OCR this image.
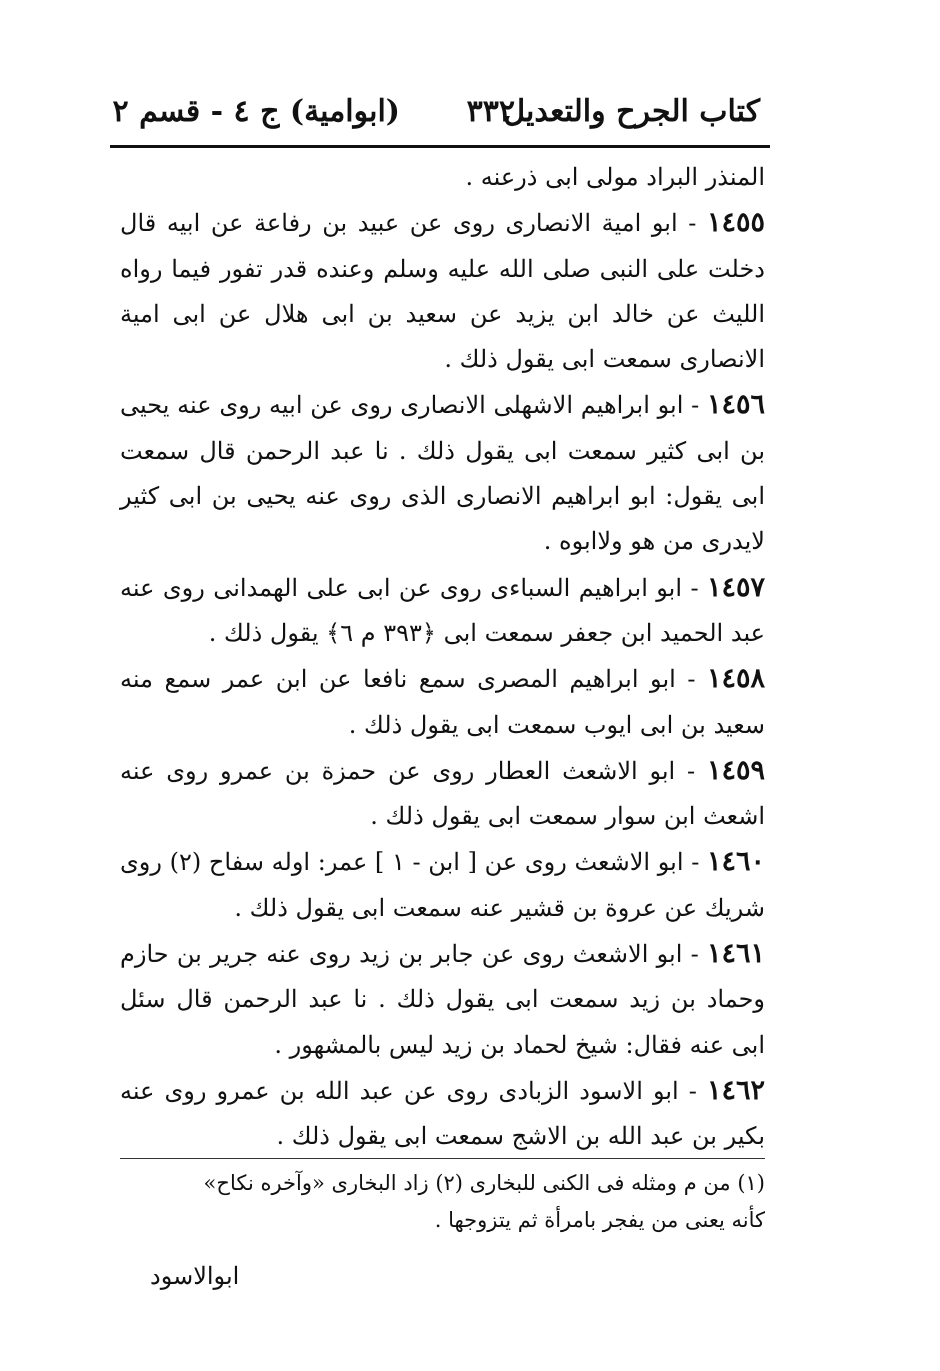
كتاب الجرح والتعديل
٣٣٢
(ابوامية) ج ٤ - قسم ٢

المنذر البراد مولى ابى ذرعنه .

١٤٥٥ - ابو امية الانصارى روى عن عبيد بن رفاعة عن ابيه قال دخلت على النبى صلى الله عليه وسلم وعنده قدر تفور فيما رواه الليث عن خالد ابن يزيد عن سعيد بن ابى هلال عن ابى امية الانصارى سمعت ابى يقول ذلك .

١٤٥٦ - ابو ابراهيم الاشهلى الانصارى روى عن ابيه روى عنه يحيى بن ابى كثير سمعت ابى يقول ذلك . نا عبد الرحمن قال سمعت ابى يقول: ابو ابراهيم الانصارى الذى روى عنه يحيى بن ابى كثير لايدرى من هو ولاابوه .

١٤٥٧ - ابو ابراهيم السباءى روى عن ابى على الهمدانى روى عنه عبد الحميد ابن جعفر سمعت ابى ﴿٣٩٣ م ٦﴾ يقول ذلك .

١٤٥٨ - ابو ابراهيم المصرى سمع نافعا عن ابن عمر سمع منه سعيد بن ابى ايوب سمعت ابى يقول ذلك .

١٤٥٩ - ابو الاشعث العطار روى عن حمزة بن عمرو روى عنه اشعث ابن سوار سمعت ابى يقول ذلك .

١٤٦٠ - ابو الاشعث روى عن [ ابن - ١ ] عمر: اوله سفاح (٢) روى شريك عن عروة بن قشير عنه سمعت ابى يقول ذلك .

١٤٦١ - ابو الاشعث روى عن جابر بن زيد روى عنه جرير بن حازم وحماد بن زيد سمعت ابى يقول ذلك . نا عبد الرحمن قال سئل ابى عنه فقال: شيخ لحماد بن زيد ليس بالمشهور .

١٤٦٢ - ابو الاسود الزبادى روى عن عبد الله بن عمرو روى عنه بكير بن عبد الله بن الاشج سمعت ابى يقول ذلك .

(١) من م ومثله فى الكنى للبخارى (٢) زاد البخارى «وآخره نكاح»

كأنه يعنى من يفجر بامرأة ثم يتزوجها .

ابوالاسود
